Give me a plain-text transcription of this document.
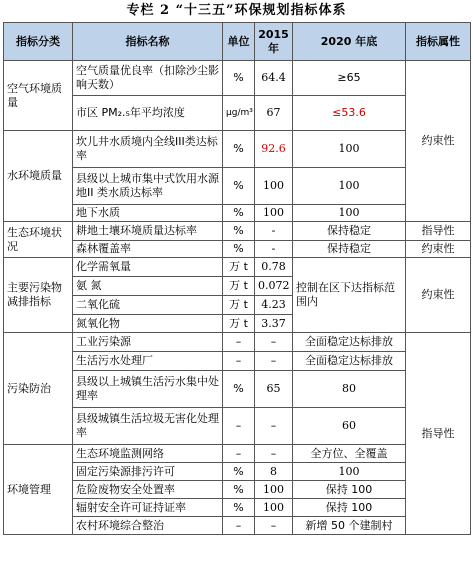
专栏 2 “十三五”环保规划指标体系
指标分类	指标名称	单位	2015年	2020 年底	指标属性
空气环境质量	空气质量优良率（扣除沙尘影响天数）	%	64.4	≥65	约束性
	市区 PM₂.₅年平均浓度	μg/m³	67	≤53.6	
水环境质量	坎儿井水质境内全线III类达标率	%	92.6	100	
	县级以上城市集中式饮用水源地II 类水质达标率	%	100	100	
	地下水质	%	100	100	
生态环境状况	耕地土壤环境质量达标率	%	-	保持稳定	指导性
	森林覆盖率	%	-	保持稳定	约束性
主要污染物减排指标	化学需氧量	万 t	0.78	控制在区下达指标范围内	约束性
	氨 氮	万 t	0.072		
	二氧化硫	万 t	4.23		
	氮氧化物	万 t	3.37		
污染防治	工业污染源	–	–	全面稳定达标排放	指导性
	生活污水处理厂	–	–	全面稳定达标排放	
	县级以上城镇生活污水集中处理率	%	65	80	
	县级城镇生活垃圾无害化处理率	–	–	60	
环境管理	生态环境监测网络	–	–	全方位、全覆盖	
	固定污染源排污许可	%	8	100	
	危险废物安全处置率	%	100	保持 100	
	辐射安全许可证持证率	%	100	保持 100	
	农村环境综合整治	–	–	新增 50 个建制村	
